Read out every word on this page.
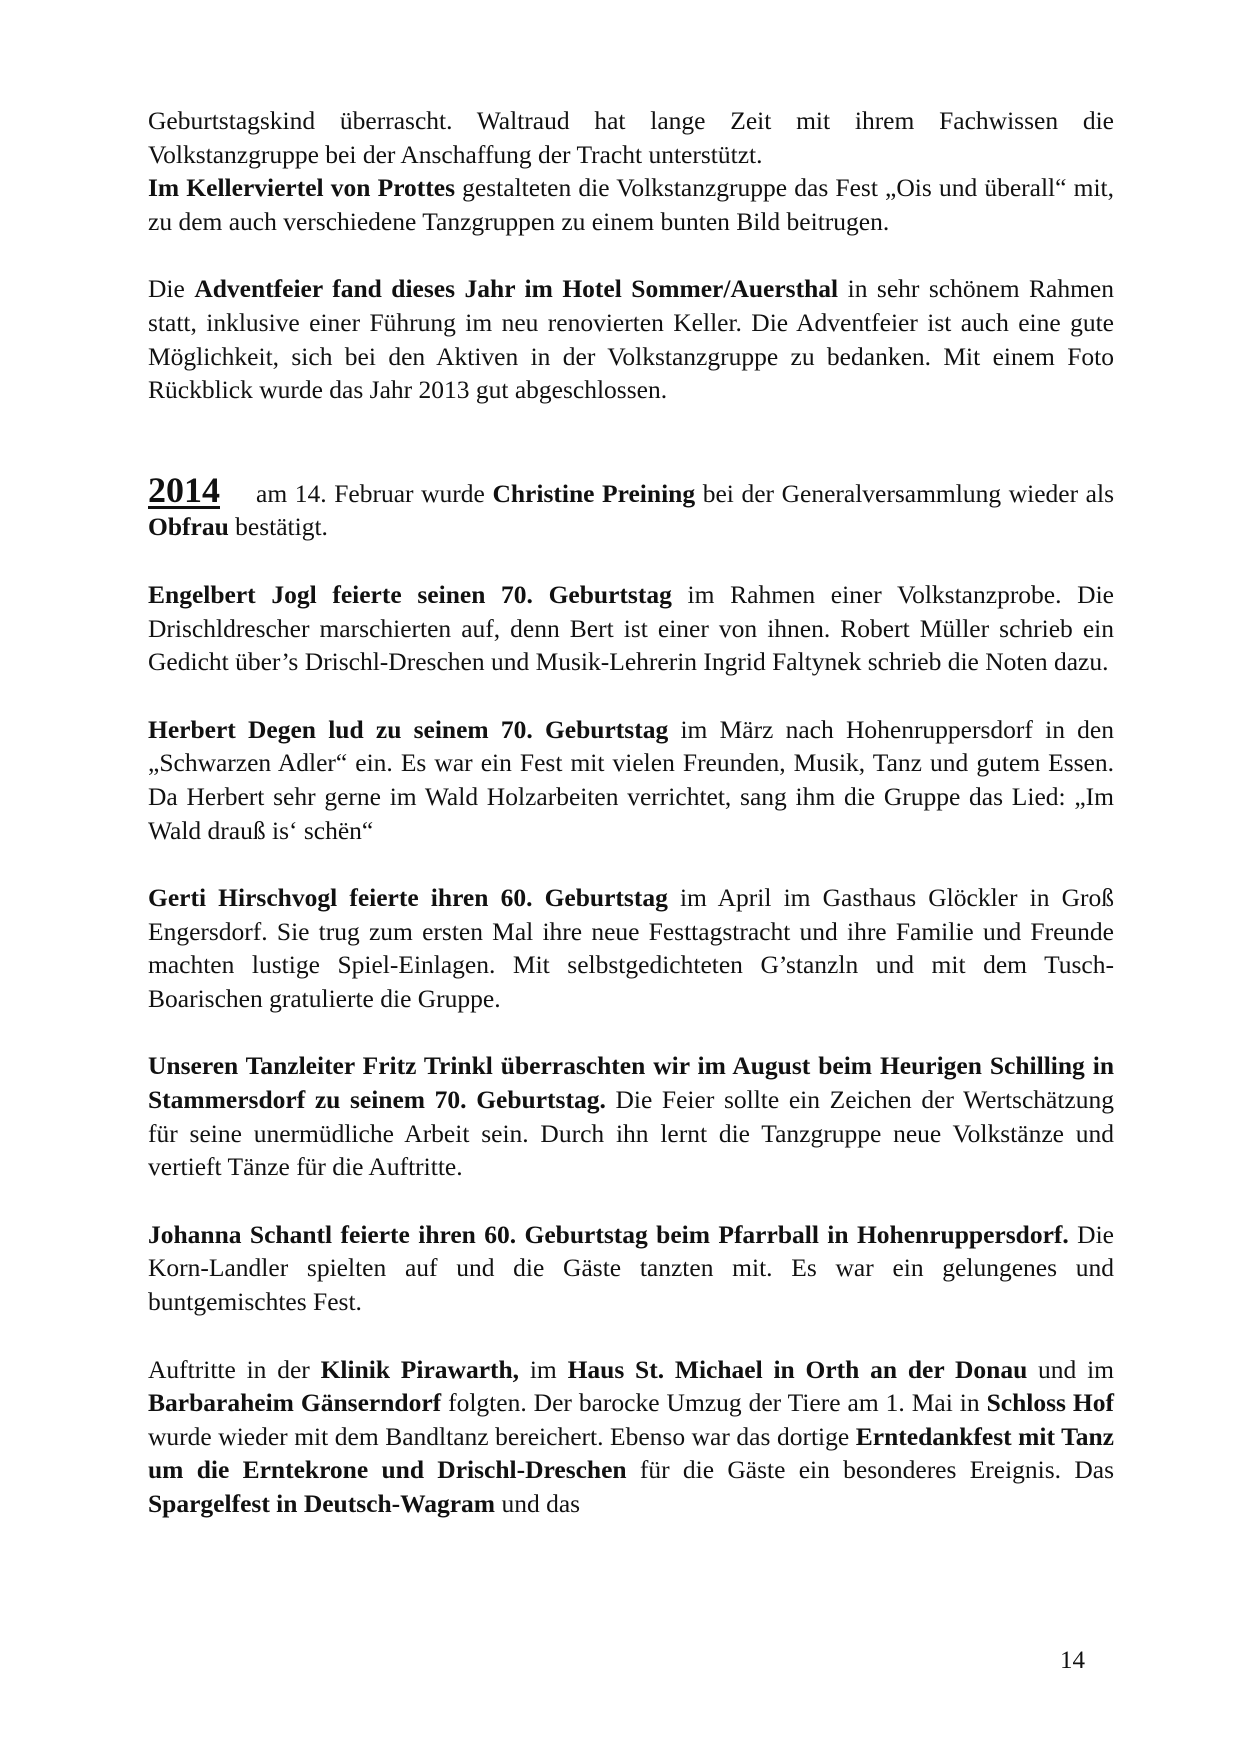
Geburtstagskind überrascht. Waltraud hat lange Zeit mit ihrem Fachwissen die Volkstanzgruppe bei der Anschaffung der Tracht unterstützt.
Im Kellerviertel von Prottes gestalteten die Volkstanzgruppe das Fest „Ois und überall“ mit, zu dem auch verschiedene Tanzgruppen zu einem bunten Bild beitrugen.

Die Adventfeier fand dieses Jahr im Hotel Sommer/Auersthal in sehr schönem Rahmen statt, inklusive einer Führung im neu renovierten Keller. Die Adventfeier ist auch eine gute Möglichkeit, sich bei den Aktiven in der Volkstanzgruppe zu bedanken. Mit einem Foto Rückblick wurde das Jahr 2013 gut abgeschlossen.

2014 am 14. Februar wurde Christine Preining bei der Generalversammlung wieder als Obfrau bestätigt.

Engelbert Jogl feierte seinen 70. Geburtstag im Rahmen einer Volkstanzprobe. Die Drischldrescher marschierten auf, denn Bert ist einer von ihnen. Robert Müller schrieb ein Gedicht über’s Drischl-Dreschen und Musik-Lehrerin Ingrid Faltynek schrieb die Noten dazu.

Herbert Degen lud zu seinem 70. Geburtstag im März nach Hohenruppersdorf in den „Schwarzen Adler“ ein. Es war ein Fest mit vielen Freunden, Musik, Tanz und gutem Essen. Da Herbert sehr gerne im Wald Holzarbeiten verrichtet, sang ihm die Gruppe das Lied: „Im Wald drauß is‘ schën“

Gerti Hirschvogl feierte ihren 60. Geburtstag im April im Gasthaus Glöckler in Groß Engersdorf. Sie trug zum ersten Mal ihre neue Festtagstracht und ihre Familie und Freunde machten lustige Spiel-Einlagen. Mit selbstgedichteten G’stanzln und mit dem Tusch-Boarischen gratulierte die Gruppe.

Unseren Tanzleiter Fritz Trinkl überraschten wir im August beim Heurigen Schilling in Stammersdorf zu seinem 70. Geburtstag. Die Feier sollte ein Zeichen der Wertschätzung für seine unermüdliche Arbeit sein. Durch ihn lernt die Tanzgruppe neue Volkstänze und vertieft Tänze für die Auftritte.

Johanna Schantl feierte ihren 60. Geburtstag beim Pfarrball in Hohenruppersdorf. Die Korn-Landler spielten auf und die Gäste tanzten mit. Es war ein gelungenes und buntgemischtes Fest.

Auftritte in der Klinik Pirawarth, im Haus St. Michael in Orth an der Donau und im Barbaraheim Gänserndorf folgten. Der barocke Umzug der Tiere am 1. Mai in Schloss Hof wurde wieder mit dem Bandltanz bereichert. Ebenso war das dortige Erntedankfest mit Tanz um die Erntekrone und Drischl-Dreschen für die Gäste ein besonderes Ereignis. Das Spargelfest in Deutsch-Wagram und das

14
